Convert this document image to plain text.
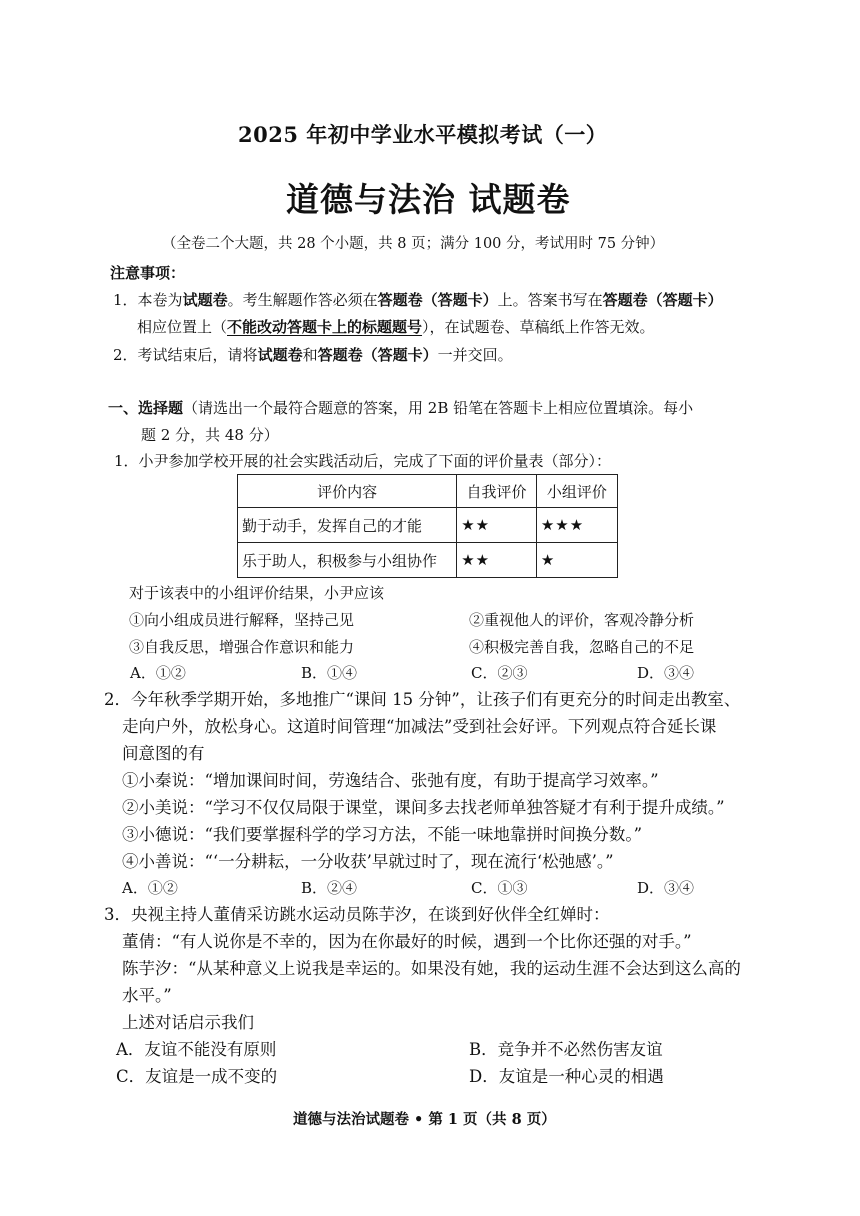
2025 年初中学业水平模拟考试（一）
道德与法治 试题卷
（全卷二个大题，共 28 个小题，共 8 页；满分 100 分，考试用时 75 分钟）
注意事项：
1．本卷为试题卷。考生解题作答必须在答题卷（答题卡）上。答案书写在答题卷（答题卡）
相应位置上（不能改动答题卡上的标题题号），在试题卷、草稿纸上作答无效。
2．考试结束后，请将试题卷和答题卷（答题卡）一并交回。
一、选择题（请选出一个最符合题意的答案，用 2B 铅笔在答题卡上相应位置填涂。每小
题 2 分，共 48 分）
1．小尹参加学校开展的社会实践活动后，完成了下面的评价量表（部分）：
评价内容	自我评价	小组评价
勤于动手，发挥自己的才能	★★	★★★
乐于助人，积极参与小组协作	★★	★
对于该表中的小组评价结果，小尹应该
①向小组成员进行解释，坚持己见	②重视他人的评价，客观冷静分析
③自我反思，增强合作意识和能力	④积极完善自我，忽略自己的不足
A．①②	B．①④	C．②③	D．③④
2．今年秋季学期开始，多地推广“课间 15 分钟”，让孩子们有更充分的时间走出教室、
走向户外，放松身心。这道时间管理“加减法”受到社会好评。下列观点符合延长课
间意图的有
①小秦说：“增加课间时间，劳逸结合、张弛有度，有助于提高学习效率。”
②小美说：“学习不仅仅局限于课堂，课间多去找老师单独答疑才有利于提升成绩。”
③小德说：“我们要掌握科学的学习方法，不能一味地靠拼时间换分数。”
④小善说：“‘一分耕耘，一分收获’早就过时了，现在流行‘松弛感’。”
A．①②	B．②④	C．①③	D．③④
3．央视主持人董倩采访跳水运动员陈芋汐，在谈到好伙伴全红婵时：
董倩：“有人说你是不幸的，因为在你最好的时候，遇到一个比你还强的对手。”
陈芋汐：“从某种意义上说我是幸运的。如果没有她，我的运动生涯不会达到这么高的
水平。”
上述对话启示我们
A．友谊不能没有原则	B．竞争并不必然伤害友谊
C．友谊是一成不变的	D．友谊是一种心灵的相遇
道德与法治试题卷 • 第 1 页（共 8 页）
